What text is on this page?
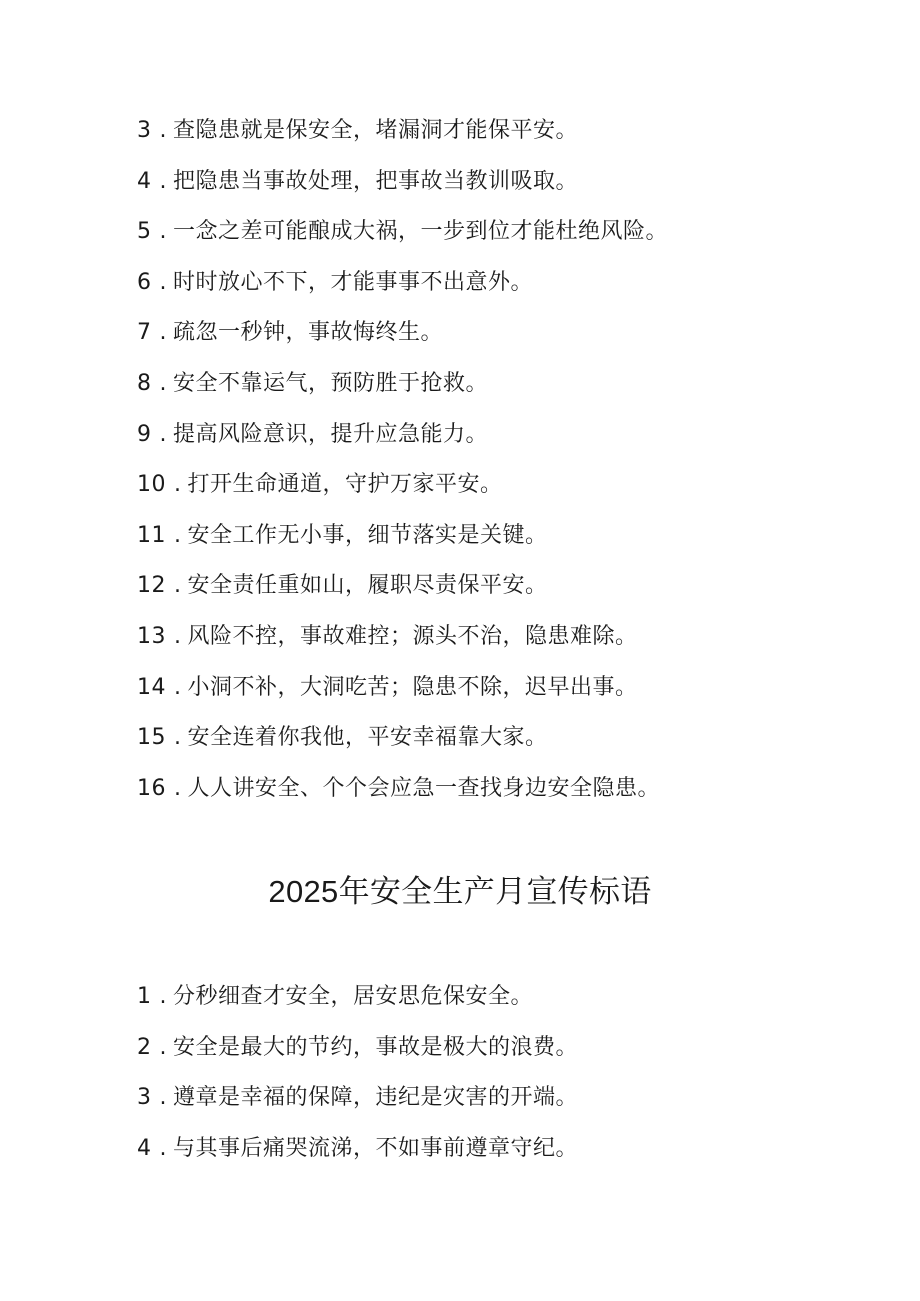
3 . 查隐患就是保安全，堵漏洞才能保平安。
4 . 把隐患当事故处理，把事故当教训吸取。
5 . 一念之差可能酿成大祸，一步到位才能杜绝风险。
6 . 时时放心不下，才能事事不出意外。
7 . 疏忽一秒钟，事故悔终生。
8 . 安全不靠运气，预防胜于抢救。
9 . 提高风险意识，提升应急能力。
10 . 打开生命通道，守护万家平安。
11 . 安全工作无小事，细节落实是关键。
12 . 安全责任重如山，履职尽责保平安。
13 . 风险不控，事故难控；源头不治，隐患难除。
14 . 小洞不补，大洞吃苦；隐患不除，迟早出事。
15 . 安全连着你我他，平安幸福靠大家。
16 . 人人讲安全、个个会应急一查找身边安全隐患。
2025年安全生产月宣传标语
1 . 分秒细查才安全，居安思危保安全。
2 . 安全是最大的节约，事故是极大的浪费。
3 . 遵章是幸福的保障，违纪是灾害的开端。
4 . 与其事后痛哭流涕，不如事前遵章守纪。
